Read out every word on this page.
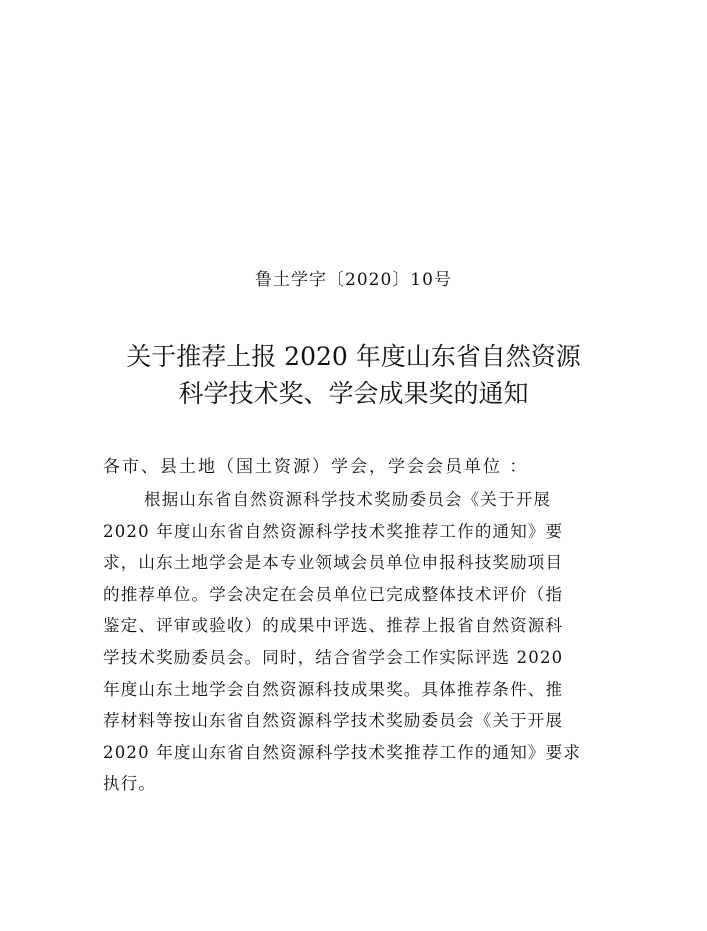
鲁土学字〔2020〕10号
关于推荐上报 2020 年度山东省自然资源
科学技术奖、学会成果奖的通知
各市、县土地（国土资源）学会，学会会员单位 ：
根据山东省自然资源科学技术奖励委员会《关于开展
2020 年度山东省自然资源科学技术奖推荐工作的通知》要
求，山东土地学会是本专业领域会员单位申报科技奖励项目
的推荐单位。学会决定在会员单位已完成整体技术评价（指
鉴定、评审或验收）的成果中评选、推荐上报省自然资源科
学技术奖励委员会。同时，结合省学会工作实际评选 2020
年度山东土地学会自然资源科技成果奖。具体推荐条件、推
荐材料等按山东省自然资源科学技术奖励委员会《关于开展
2020 年度山东省自然资源科学技术奖推荐工作的通知》要求
执行。
